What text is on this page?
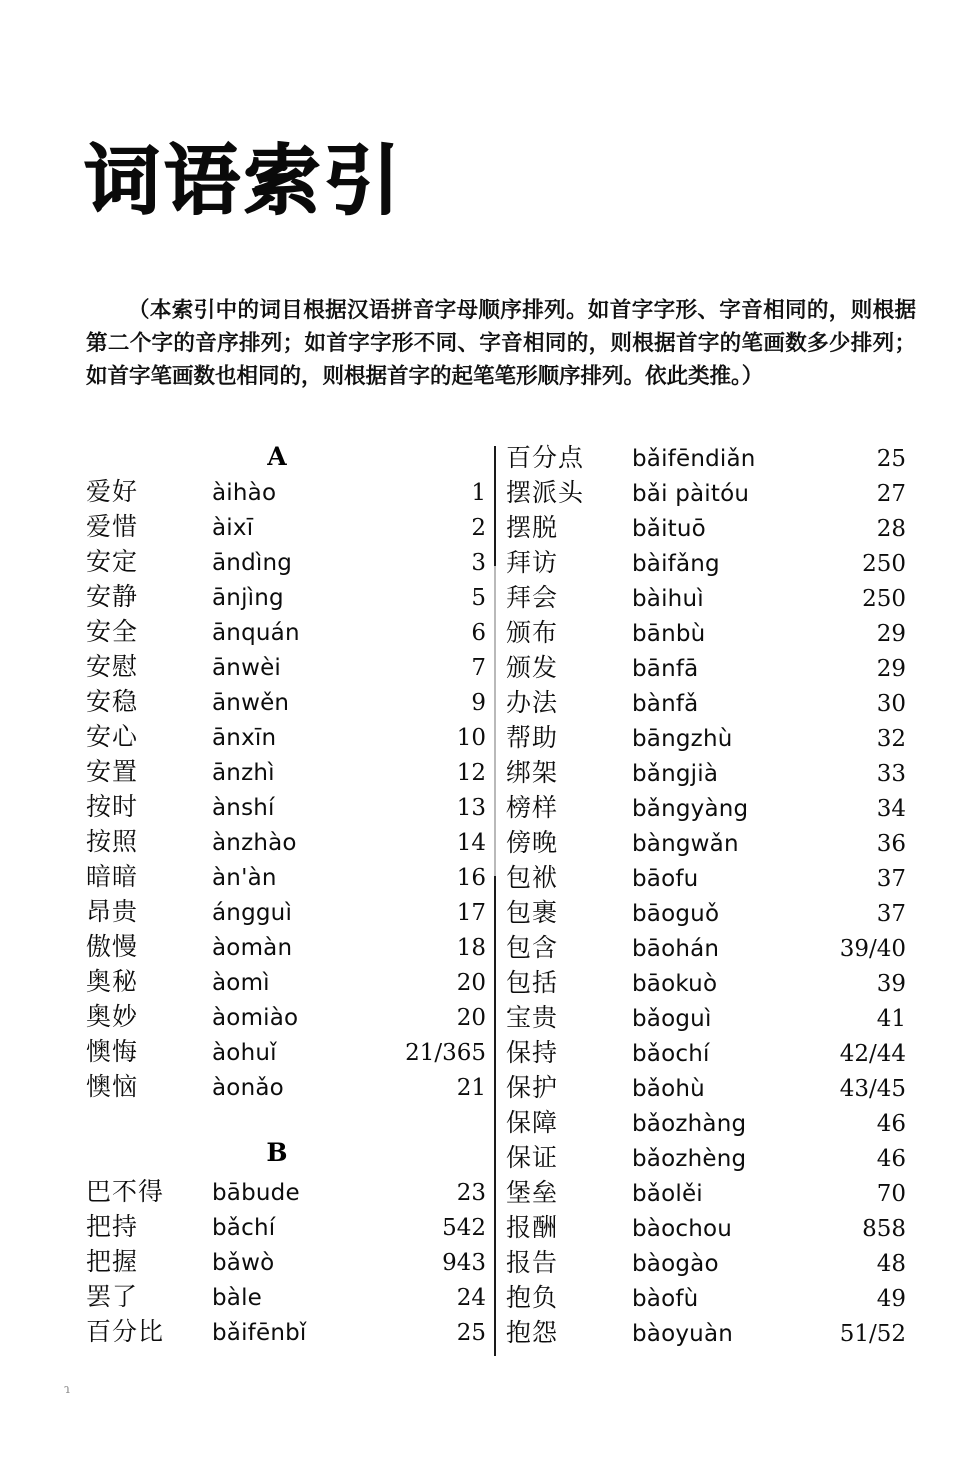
词语索引

（本索引中的词目根据汉语拼音字母顺序排列。如首字字形、字音相同的，则根据第二个字的音序排列；如首字字形不同、字音相同的，则根据首字的笔画数多少排列；如首字笔画数也相同的，则根据首字的起笔笔形顺序排列。依此类推。）

A
爱好	àihào	1
爱惜	àixī	2
安定	āndìng	3
安静	ānjìng	5
安全	ānquán	6
安慰	ānwèi	7
安稳	ānwěn	9
安心	ānxīn	10
安置	ānzhì	12
按时	ànshí	13
按照	ànzhào	14
暗暗	àn'àn	16
昂贵	ángguì	17
傲慢	àomàn	18
奥秘	àomì	20
奥妙	àomiào	20
懊悔	àohuǐ	21/365
懊恼	àonǎo	21
B
巴不得	bābude	23
把持	bǎchí	542
把握	bǎwò	943
罢了	bàle	24
百分比	bǎifēnbǐ	25
百分点	bǎifēndiǎn	25
摆派头	bǎi pàitóu	27
摆脱	bǎituō	28
拜访	bàifǎng	250
拜会	bàihuì	250
颁布	bānbù	29
颁发	bānfā	29
办法	bànfǎ	30
帮助	bāngzhù	32
绑架	bǎngjià	33
榜样	bǎngyàng	34
傍晚	bàngwǎn	36
包袱	bāofu	37
包裹	bāoguǒ	37
包含	bāohán	39/40
包括	bāokuò	39
宝贵	bǎoguì	41
保持	bǎochí	42/44
保护	bǎohù	43/45
保障	bǎozhàng	46
保证	bǎozhèng	46
堡垒	bǎolěi	70
报酬	bàochou	858
报告	bàogào	48
抱负	bàofù	49
抱怨	bàoyuàn	51/52
ɿ
